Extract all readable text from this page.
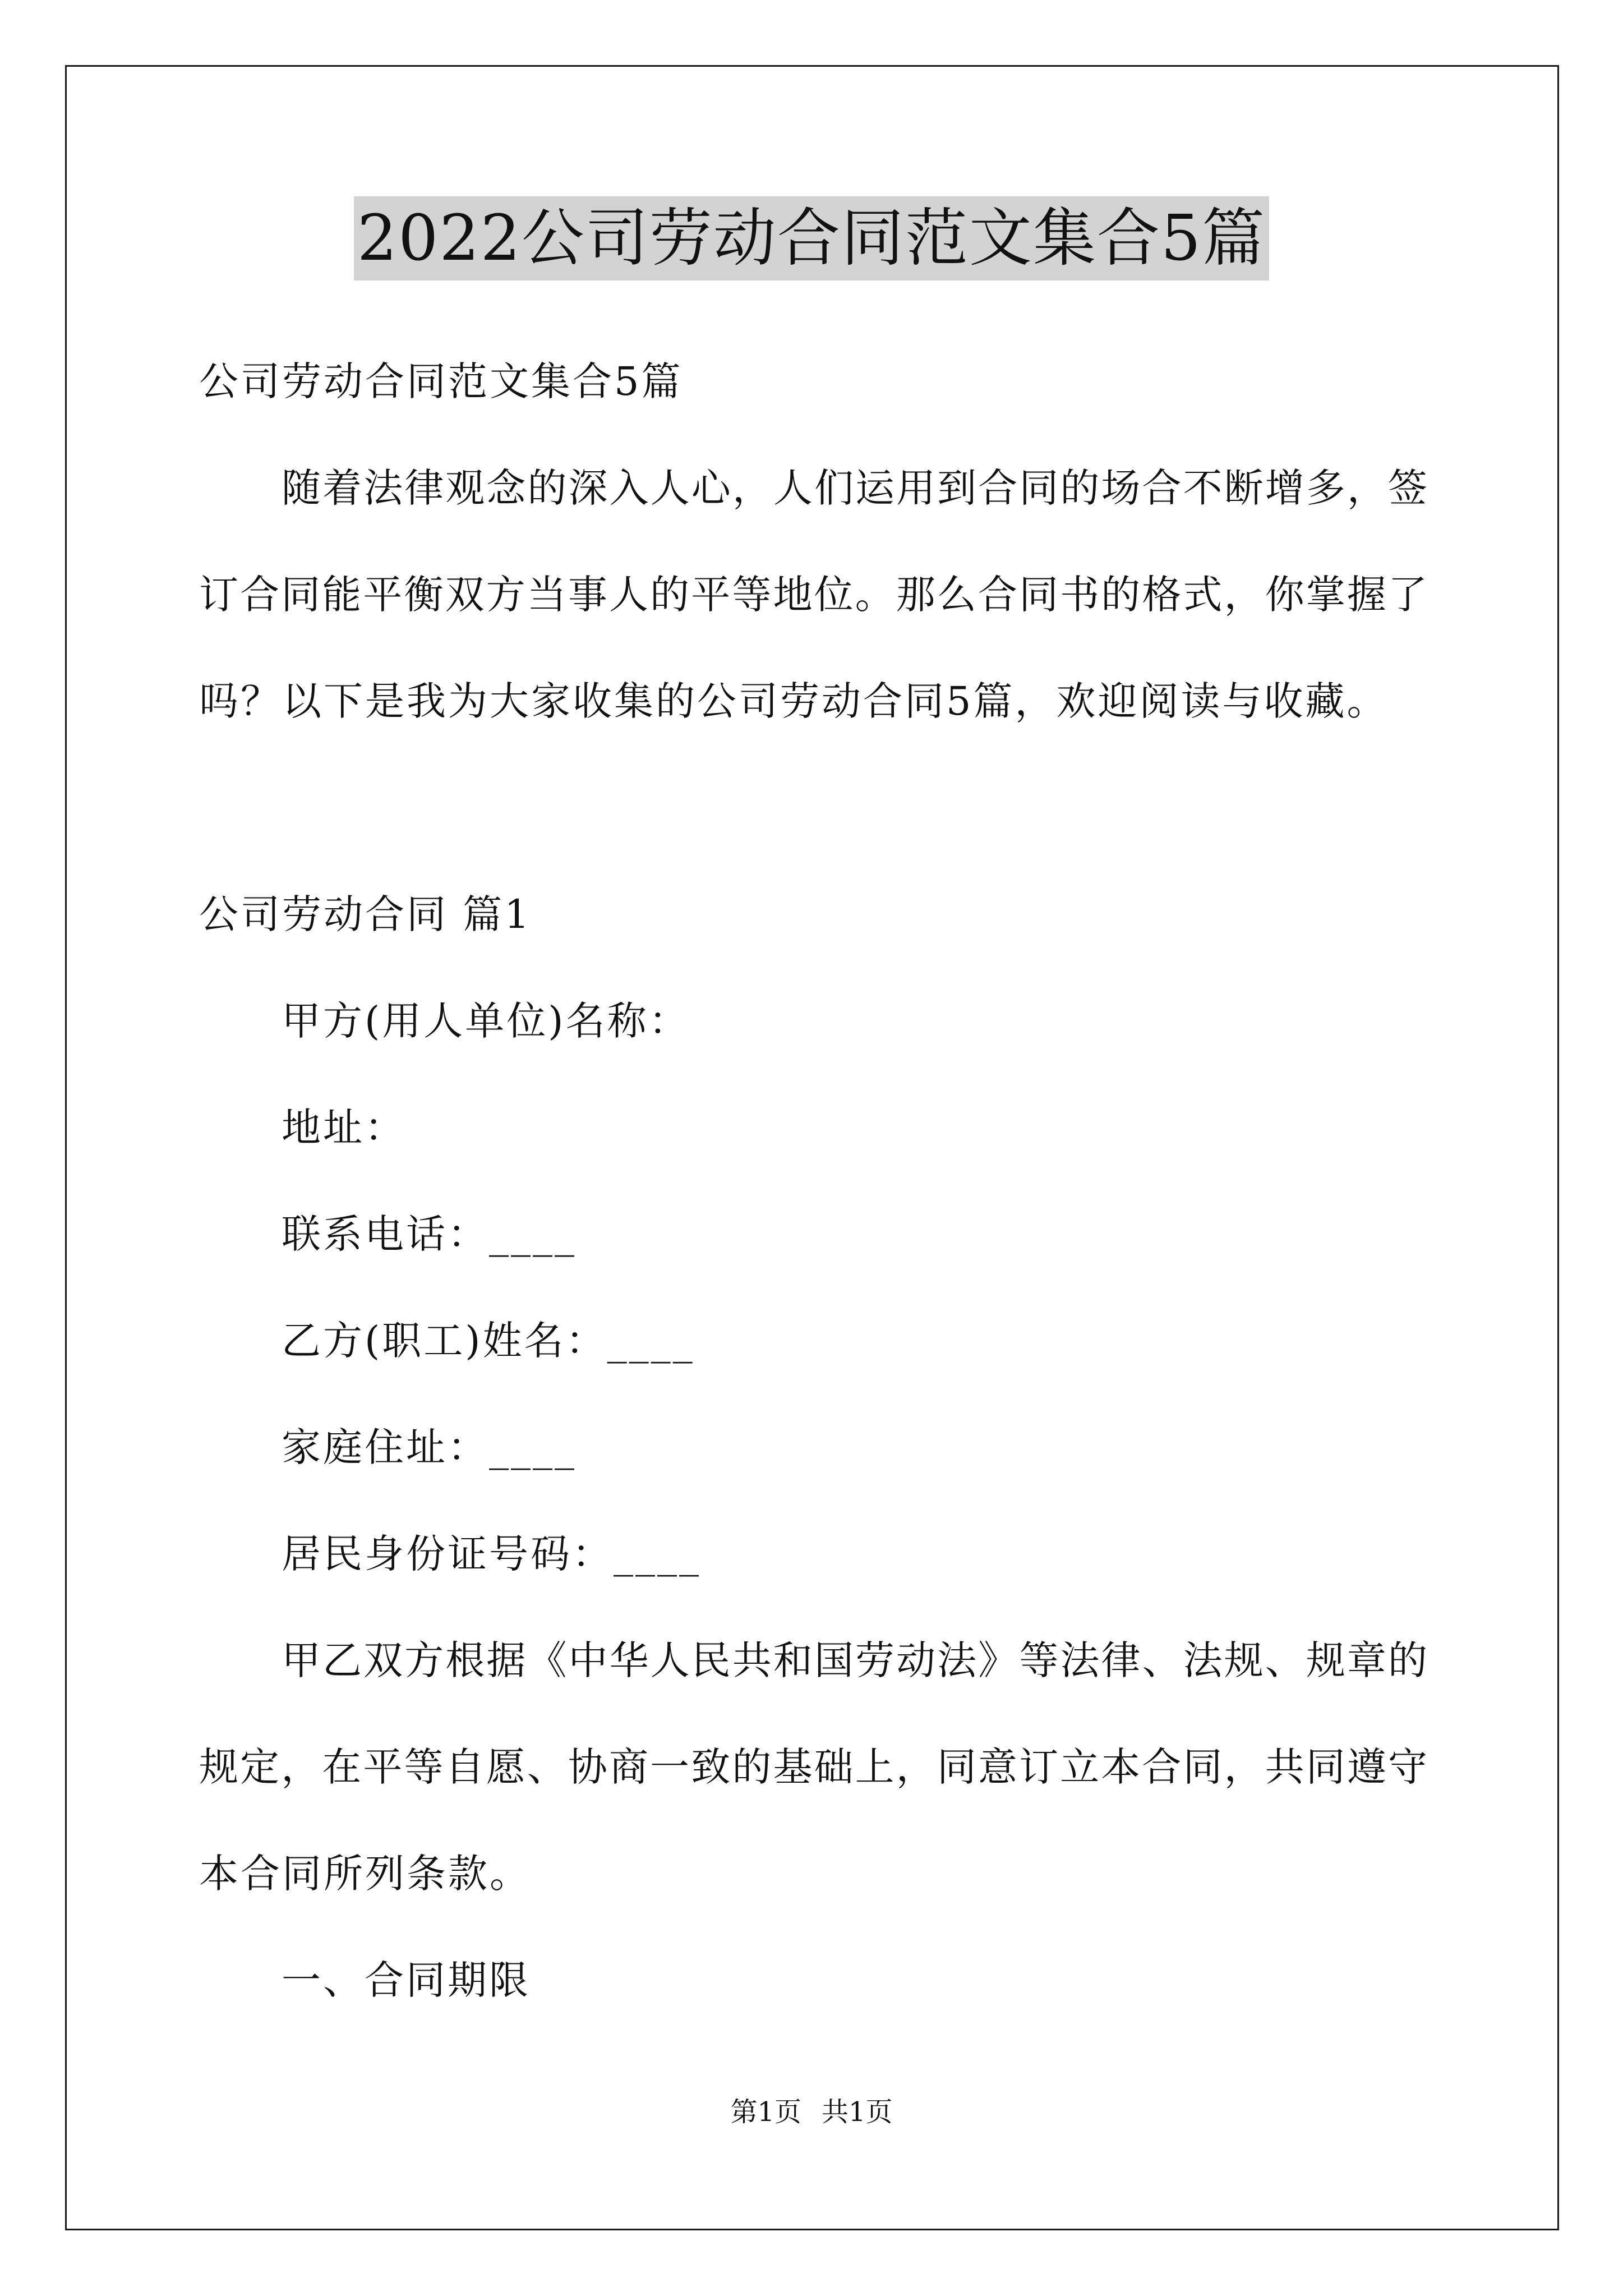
2022公司劳动合同范文集合5篇
公司劳动合同范文集合5篇
随着法律观念的深入人心，人们运用到合同的场合不断增多，签
订合同能平衡双方当事人的平等地位。那么合同书的格式，你掌握了
吗？以下是我为大家收集的公司劳动合同5篇，欢迎阅读与收藏。
公司劳动合同 篇1
甲方(用人单位)名称：
地址：
联系电话：____
乙方(职工)姓名：____
家庭住址：____
居民身份证号码：____
甲乙双方根据《中华人民共和国劳动法》等法律、法规、规章的
规定，在平等自愿、协商一致的基础上，同意订立本合同，共同遵守
本合同所列条款。
一、合同期限
第1页 共1页
